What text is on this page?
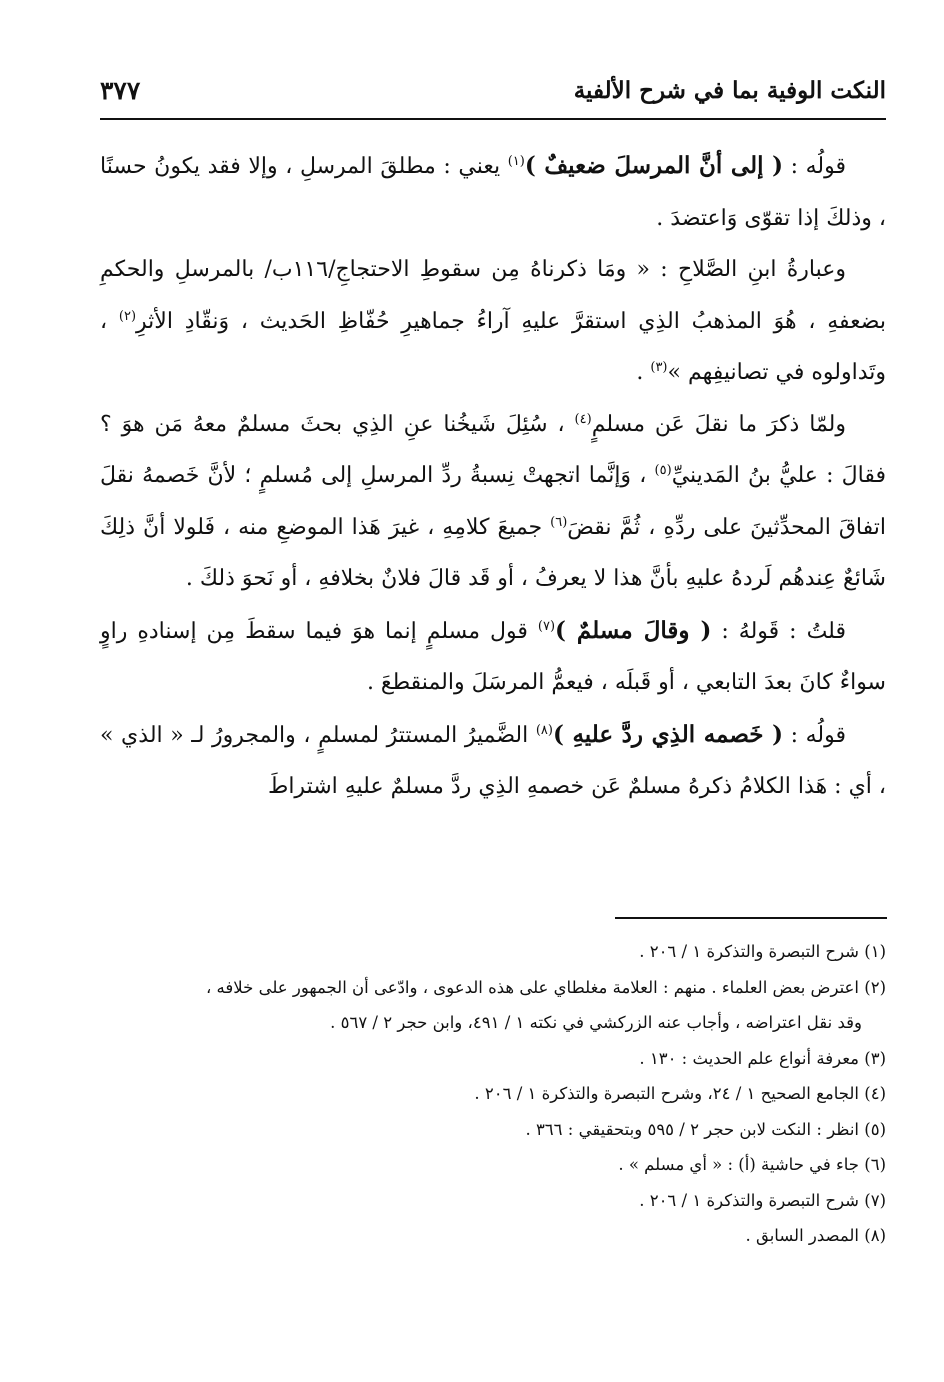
النكت الوفية بما في شرح الألفية
٣٧٧

قولُه : ( إلى أنَّ المرسلَ ضعيفٌ )$^{(١)}$ يعني : مطلقَ المرسلِ ، وإلا فقد يكونُ حسنًا ، وذلكَ إذا تقوّى وَاعتضدَ .

وعبارةُ ابنِ الصَّلاحِ : « ومَا ذكرناهُ مِن سقوطِ الاحتجاجِ/١١٦ب/ بالمرسلِ والحكمِ بضعفهِ ، هُوَ المذهبُ الذِي استقرَّ عليهِ آراءُ جماهيرِ حُفّاظِ الحَديث ، وَنقّادِ الأثرِ$^{(٢)}$ ، وتَداولوه في تصانيفِهم »$^{(٣)}$ .

ولمّا ذكرَ ما نقلَ عَن مسلمٍ$^{(٤)}$ ، سُئِلَ شَيخُنا عنِ الذِي بحثَ مسلمٌ معهُ مَن هوَ ؟ فقالَ : عليُّ بنُ المَدينيِّ$^{(٥)}$ ، وَإنَّما اتجهتْ نِسبةُ ردِّ المرسلِ إلى مُسلمٍ ؛ لأنَّ خَصمهُ نقلَ اتفاقَ المحدِّثينَ على ردِّهِ ، ثُمَّ نقضَ$^{(٦)}$ جميعَ كلامِهِ ، غيرَ هَذا الموضعِ منه ، فَلولا أنَّ ذلِكَ شَائعٌ عِندهُم لَردهُ عليهِ بأنَّ هذا لا يعرفُ ، أو قَد قالَ فلانٌ بخلافهِ ، أو نَحوَ ذلكَ .

قلتُ : قَولهُ : ( وقالَ مسلمٌ )$^{(٧)}$ قول مسلمٍ إنما هوَ فيما سقطَ مِن إسنادهِ راوٍ سواءٌ كانَ بعدَ التابعي ، أو قَبلَه ، فيعمُّ المرسَلَ والمنقطعَ .

قولُه : ( خَصمه الذِي ردَّ عليهِ )$^{(٨)}$ الضَّميرُ المستترُ لمسلمٍ ، والمجرورُ لـ « الذي » ، أي : هَذا الكلامُ ذكرهُ مسلمٌ عَن خصمهِ الذِي ردَّ مسلمٌ عليهِ اشتراطَ

(١) شرح التبصرة والتذكرة ١ / ٢٠٦ .

(٢) اعترض بعض العلماء . منهم : العلامة مغلطاي على هذه الدعوى ، وادّعى أن الجمهور على خلافه ،

وقد نقل اعتراضه ، وأجاب عنه الزركشي في نكته ١ / ٤٩١، وابن حجر ٢ / ٥٦٧ .

(٣) معرفة أنواع علم الحديث : ١٣٠ .

(٤) الجامع الصحيح ١ / ٢٤، وشرح التبصرة والتذكرة ١ / ٢٠٦ .

(٥) انظر : النكت لابن حجر ٢ / ٥٩٥ وبتحقيقي : ٣٦٦ .

(٦) جاء في حاشية (أ) : « أي مسلم » .

(٧) شرح التبصرة والتذكرة ١ / ٢٠٦ .

(٨) المصدر السابق .
